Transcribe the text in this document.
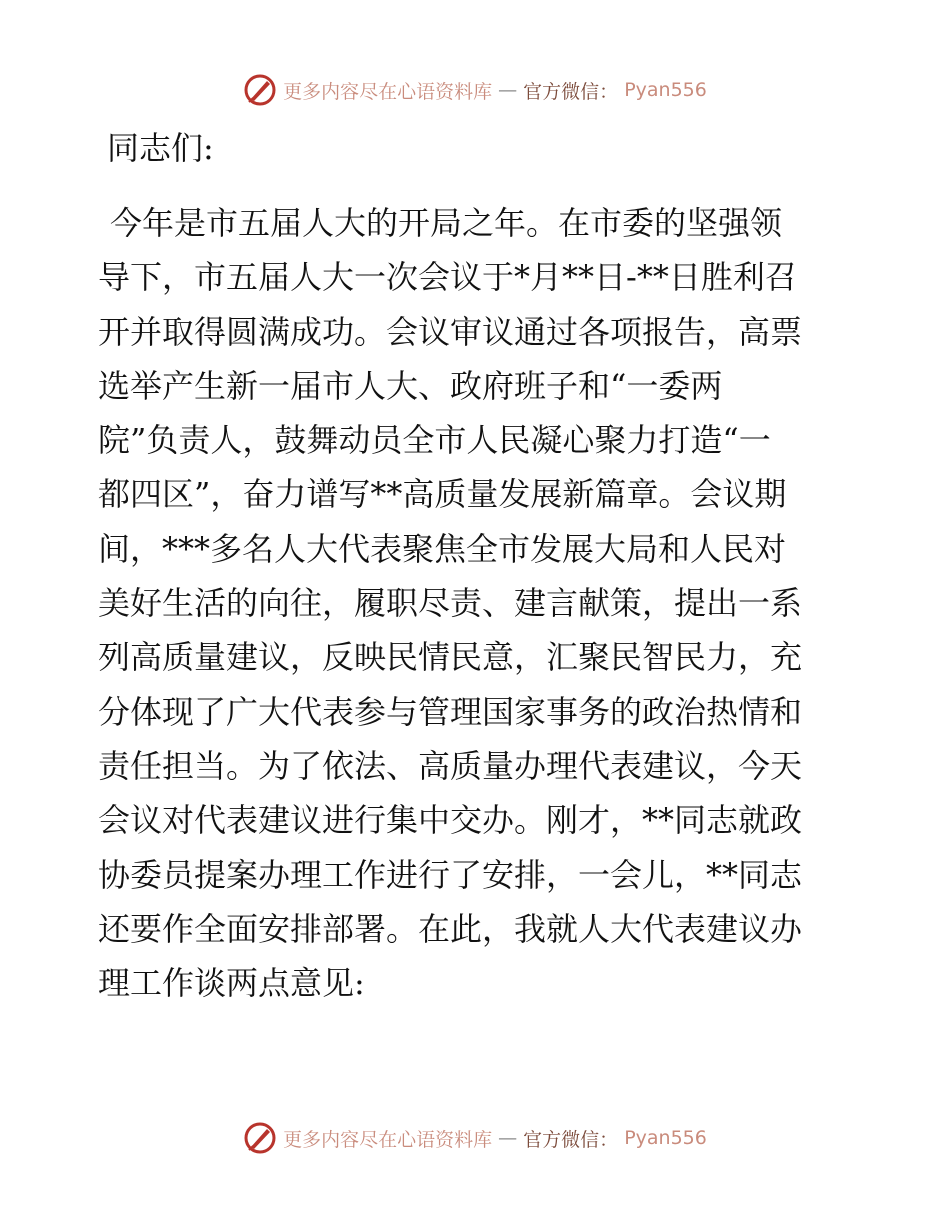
更多内容尽在心语资料库 — 官方微信： Pyan556

同志们:

今年是市五届人大的开局之年。在市委的坚强领
导下，市五届人大一次会议于*月**日-**日胜利召
开并取得圆满成功。会议审议通过各项报告，高票
选举产生新一届市人大、政府班子和“一委两
院”负责人，鼓舞动员全市人民凝心聚力打造“一
都四区”，奋力谱写**高质量发展新篇章。会议期
间，***多名人大代表聚焦全市发展大局和人民对
美好生活的向往，履职尽责、建言献策，提出一系
列高质量建议，反映民情民意，汇聚民智民力，充
分体现了广大代表参与管理国家事务的政治热情和
责任担当。为了依法、高质量办理代表建议，今天
会议对代表建议进行集中交办。刚才，**同志就政
协委员提案办理工作进行了安排，一会儿，**同志
还要作全面安排部署。在此，我就人大代表建议办
理工作谈两点意见:
更多内容尽在心语资料库 — 官方微信： Pyan556
